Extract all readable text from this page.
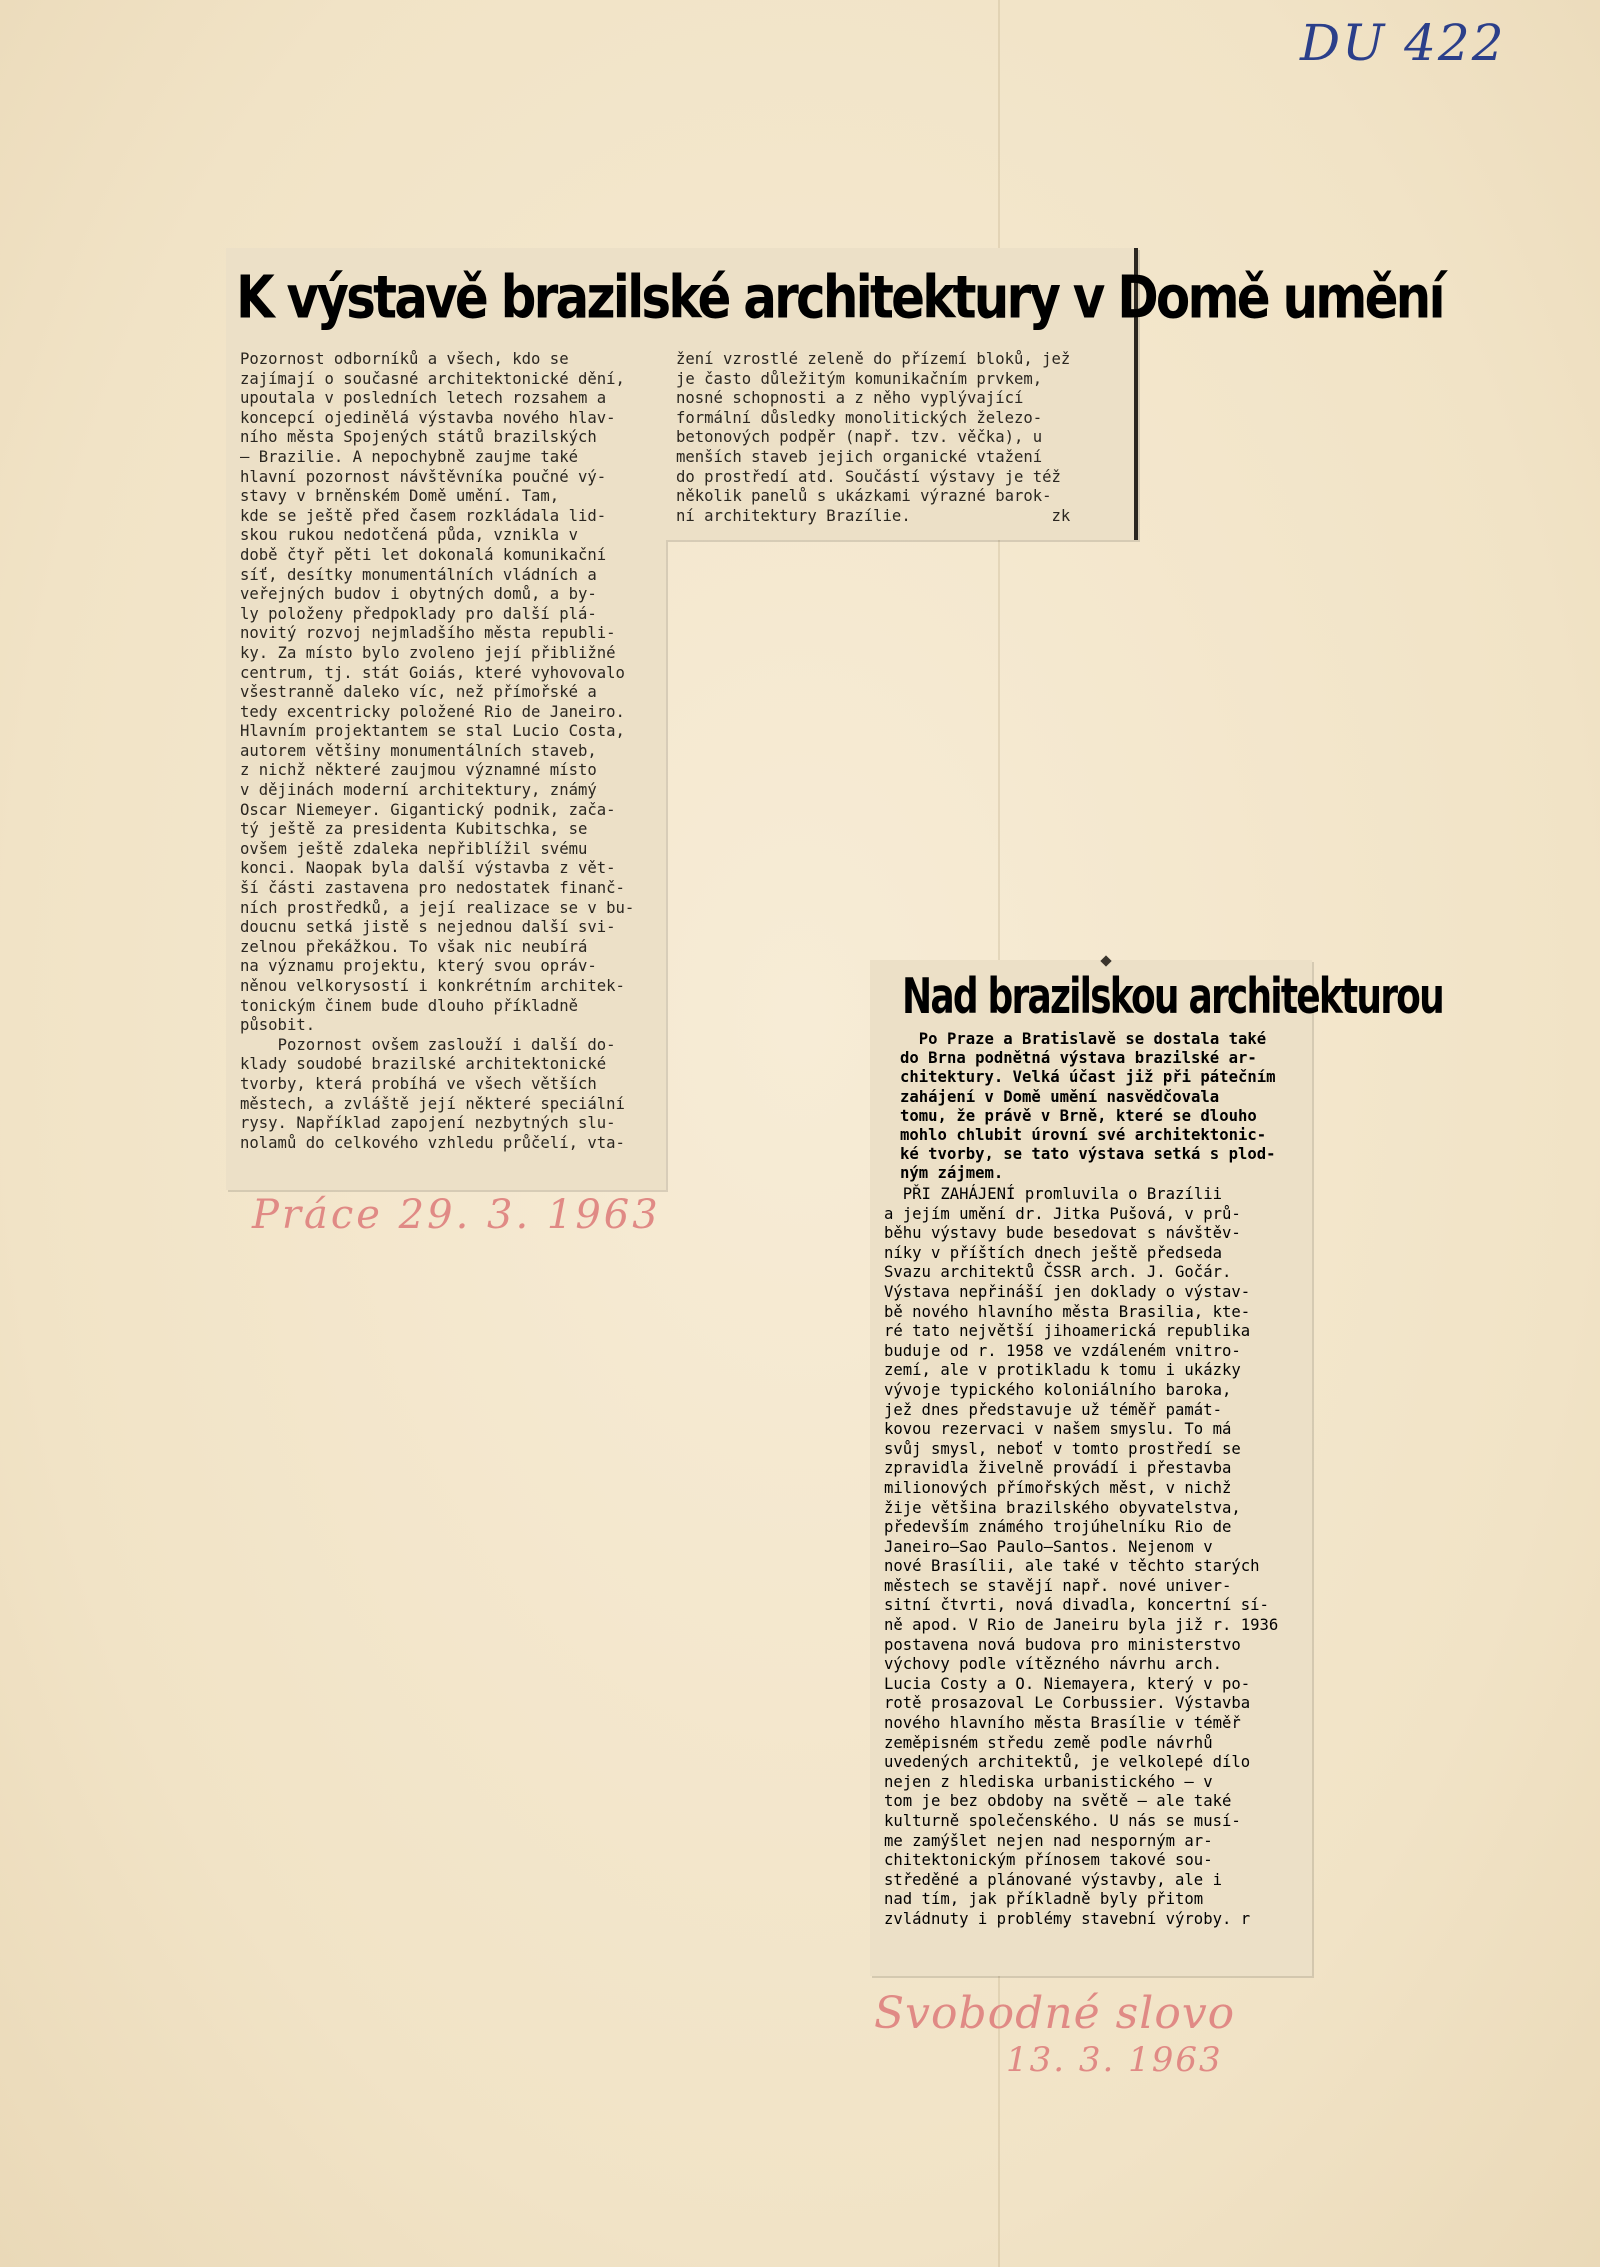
DU 422
K výstavě brazilské architektury v Domě umění
Pozornost odborníků a všech, kdo se
zajímají o současné architektonické dění,
upoutala v posledních letech rozsahem a
koncepcí ojedinělá výstavba nového hlav-
ního města Spojených států brazilských
— Brazilie. A nepochybně zaujme také
hlavní pozornost návštěvníka poučné vý-
stavy v brněnském Domě umění. Tam,
kde se ještě před časem rozkládala lid-
skou rukou nedotčená půda, vznikla v
době čtyř pěti let dokonalá komunikační
síť, desítky monumentálních vládních a
veřejných budov i obytných domů, a by-
ly položeny předpoklady pro další plá-
novitý rozvoj nejmladšího města republi-
ky. Za místo bylo zvoleno její přibližné
centrum, tj. stát Goiás, které vyhovovalo
všestranně daleko víc, než přímořské a
tedy excentricky položené Rio de Janeiro.
Hlavním projektantem se stal Lucio Costa,
autorem většiny monumentálních staveb,
z nichž některé zaujmou významné místo
v dějinách moderní architektury, známý
Oscar Niemeyer. Gigantický podnik, zača-
tý ještě za presidenta Kubitschka, se
ovšem ještě zdaleka nepřiblížil svému
konci. Naopak byla další výstavba z vět-
ší části zastavena pro nedostatek finanč-
ních prostředků, a její realizace se v bu-
doucnu setká jistě s nejednou další svi-
zelnou překážkou. To však nic neubírá
na významu projektu, který svou opráv-
něnou velkorysostí i konkrétním architek-
tonickým činem bude dlouho příkladně
působit.
Pozornost ovšem zaslouží i další do-
klady soudobé brazilské architektonické
tvorby, která probíhá ve všech větších
městech, a zvláště její některé speciální
rysy. Například zapojení nezbytných slu-
nolamů do celkového vzhledu průčelí, vta-
žení vzrostlé zeleně do přízemí bloků, jež
je často důležitým komunikačním prvkem,
nosné schopnosti a z něho vyplývající
formální důsledky monolitických železo-
betonových podpěr (např. tzv. věčka), u
menších staveb jejich organické vtažení
do prostředí atd. Součástí výstavy je též
několik panelů s ukázkami výrazné barok-
ní architektury Brazílie.               zk
Práce 29. 3. 1963
Nad brazilskou architekturou
Po Praze a Bratislavě se dostala také
do Brna podnětná výstava brazilské ar-
chitektury. Velká účast již při pátečním
zahájení v Domě umění nasvědčovala
tomu, že právě v Brně, které se dlouho
mohlo chlubit úrovní své architektonic-
ké tvorby, se tato výstava setká s plod-
ným zájmem.
PŘI ZAHÁJENÍ promluvila o Brazílii
a jejím umění dr. Jitka Pušová, v prů-
běhu výstavy bude besedovat s návštěv-
níky v příštích dnech ještě předseda
Svazu architektů ČSSR arch. J. Gočár.
Výstava nepřináší jen doklady o výstav-
bě nového hlavního města Brasilia, kte-
ré tato největší jihoamerická republika
buduje od r. 1958 ve vzdáleném vnitro-
zemí, ale v protikladu k tomu i ukázky
vývoje typického koloniálního baroka,
jež dnes představuje už téměř památ-
kovou rezervaci v našem smyslu. To má
svůj smysl, neboť v tomto prostředí se
zpravidla živelně provádí i přestavba
milionových přímořských měst, v nichž
žije většina brazilského obyvatelstva,
především známého trojúhelníku Rio de
Janeiro—Sao Paulo—Santos. Nejenom v
nové Brasílii, ale také v těchto starých
městech se stavějí např. nové univer-
sitní čtvrti, nová divadla, koncertní sí-
ně apod. V Rio de Janeiru byla již r. 1936
postavena nová budova pro ministerstvo
výchovy podle vítězného návrhu arch.
Lucia Costy a O. Niemayera, který v po-
rotě prosazoval Le Corbussier. Výstavba
nového hlavního města Brasílie v téměř
zeměpisném středu země podle návrhů
uvedených architektů, je velkolepé dílo
nejen z hlediska urbanistického — v
tom je bez obdoby na světě — ale také
kulturně společenského. U nás se musí-
me zamýšlet nejen nad nesporným ar-
chitektonickým přínosem takové sou-
středěné a plánované výstavby, ale i
nad tím, jak příkladně byly přitom
zvládnuty i problémy stavební výroby. r
Svobodné slovo
13. 3. 1963
